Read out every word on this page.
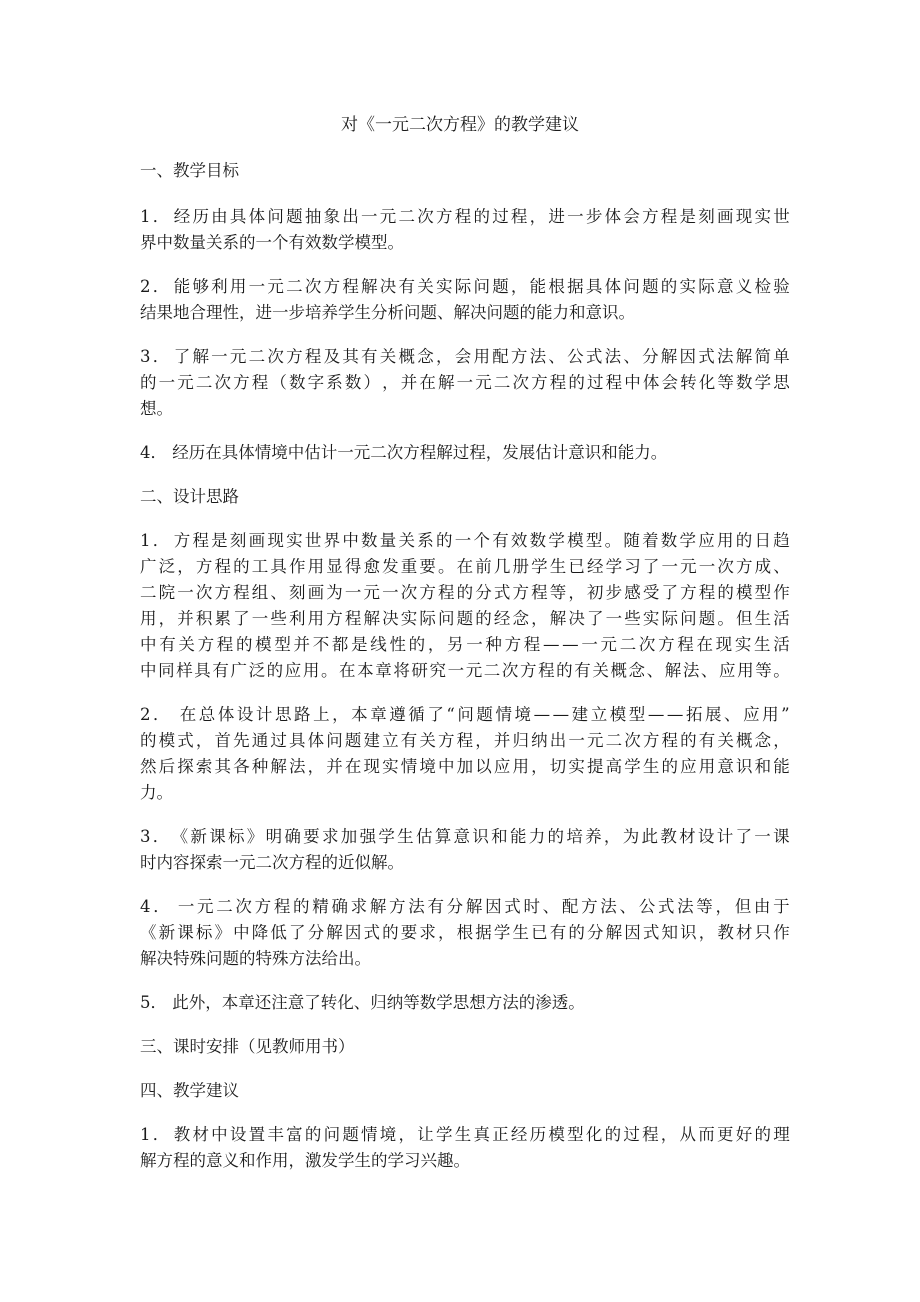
对《一元二次方程》的教学建议
一、教学目标
1 ． 经 历 由 具 体 问 题 抽 象 出 一 元 二 次 方 程 的 过 程 ， 进 一 步 体 会 方 程 是 刻 画 现 实 世
界中数量关系的一个有效数学模型。
2 ． 能 够 利 用 一 元 二 次 方 程 解 决 有 关 实 际 问 题 ， 能 根 据 具 体 问 题 的 实 际 意 义 检 验
结果地合理性，进一步培养学生分析问题、解决问题的能力和意识。
3 ． 了 解 一 元 二 次 方 程 及 其 有 关 概 念 ， 会 用 配 方 法 、 公 式 法 、 分 解 因 式 法 解 简 单
的 一 元 二 次 方 程 （ 数 字 系 数 ） ， 并 在 解 一 元 二 次 方 程 的 过 程 中 体 会 转 化 等 数 学 思
想。
4． 经历在具体情境中估计一元二次方程解过程，发展估计意识和能力。
二、设计思路
1 ． 方 程 是 刻 画 现 实 世 界 中 数 量 关 系 的 一 个 有 效 数 学 模 型 。 随 着 数 学 应 用 的 日 趋
广 泛 ， 方 程 的 工 具 作 用 显 得 愈 发 重 要 。 在 前 几 册 学 生 已 经 学 习 了 一 元 一 次 方 成 、
二 院 一 次 方 程 组 、 刻 画 为 一 元 一 次 方 程 的 分 式 方 程 等 ， 初 步 感 受 了 方 程 的 模 型 作
用 ， 并 积 累 了 一 些 利 用 方 程 解 决 实 际 问 题 的 经 念 ， 解 决 了 一 些 实 际 问 题 。 但 生 活
中 有 关 方 程 的 模 型 并 不 都 是 线 性 的 ， 另 一 种 方 程 — — 一 元 二 次 方 程 在 现 实 生 活
中 同 样 具 有 广 泛 的 应 用 。 在 本 章 将 研 究 一 元 二 次 方 程 的 有 关 概 念 、 解 法 、 应 用 等 。
2 ． 在 总 体 设 计 思 路 上 ， 本 章 遵 循 了 “ 问 题 情 境 — — 建 立 模 型 — — 拓 展 、 应 用 ”
的 模 式 ， 首 先 通 过 具 体 问 题 建 立 有 关 方 程 ， 并 归 纳 出 一 元 二 次 方 程 的 有 关 概 念 ，
然 后 探 索 其 各 种 解 法 ， 并 在 现 实 情 境 中 加 以 应 用 ， 切 实 提 高 学 生 的 应 用 意 识 和 能
力。
3 ． 《 新 课 标 》 明 确 要 求 加 强 学 生 估 算 意 识 和 能 力 的 培 养 ， 为 此 教 材 设 计 了 一 课
时内容探索一元二次方程的近似解。
4 ． 一 元 二 次 方 程 的 精 确 求 解 方 法 有 分 解 因 式 时 、 配 方 法 、 公 式 法 等 ， 但 由 于
《 新 课 标 》 中 降 低 了 分 解 因 式 的 要 求 ， 根 据 学 生 已 有 的 分 解 因 式 知 识 ， 教 材 只 作
解决特殊问题的特殊方法给出。
5． 此外，本章还注意了转化、归纳等数学思想方法的渗透。
三、课时安排（见教师用书）
四、教学建议
1 ． 教 材 中 设 置 丰 富 的 问 题 情 境 ， 让 学 生 真 正 经 历 模 型 化 的 过 程 ， 从 而 更 好 的 理
解方程的意义和作用，激发学生的学习兴趣。
